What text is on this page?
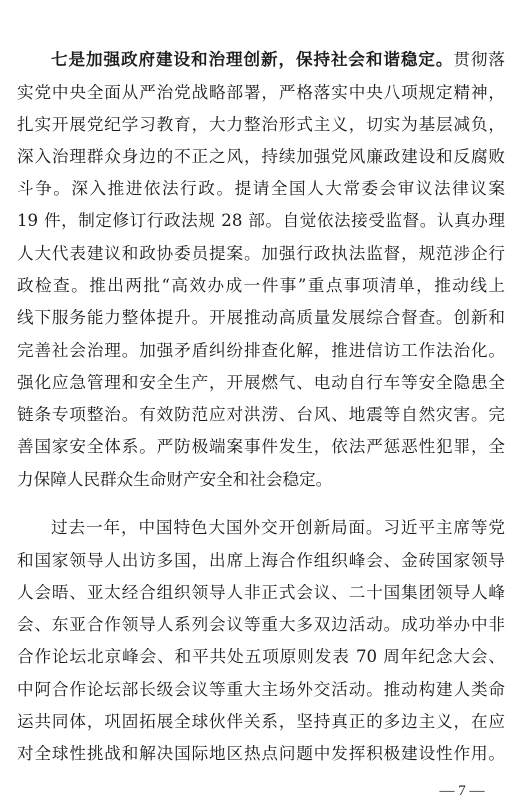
七是加强政府建设和治理创新，保持社会和谐稳定。贯彻落
实党中央全面从严治党战略部署，严格落实中央八项规定精神，
扎实开展党纪学习教育，大力整治形式主义，切实为基层减负，
深入治理群众身边的不正之风，持续加强党风廉政建设和反腐败
斗争。深入推进依法行政。提请全国人大常委会审议法律议案
19 件，制定修订行政法规 28 部。自觉依法接受监督。认真办理
人大代表建议和政协委员提案。加强行政执法监督，规范涉企行
政检查。推出两批“高效办成一件事”重点事项清单，推动线上
线下服务能力整体提升。开展推动高质量发展综合督查。创新和
完善社会治理。加强矛盾纠纷排查化解，推进信访工作法治化。
强化应急管理和安全生产，开展燃气、电动自行车等安全隐患全
链条专项整治。有效防范应对洪涝、台风、地震等自然灾害。完
善国家安全体系。严防极端案事件发生，依法严惩恶性犯罪，全
力保障人民群众生命财产安全和社会稳定。
过去一年，中国特色大国外交开创新局面。习近平主席等党
和国家领导人出访多国，出席上海合作组织峰会、金砖国家领导
人会晤、亚太经合组织领导人非正式会议、二十国集团领导人峰
会、东亚合作领导人系列会议等重大多双边活动。成功举办中非
合作论坛北京峰会、和平共处五项原则发表 70 周年纪念大会、
中阿合作论坛部长级会议等重大主场外交活动。推动构建人类命
运共同体，巩固拓展全球伙伴关系，坚持真正的多边主义，在应
对全球性挑战和解决国际地区热点问题中发挥积极建设性作用。
— 7 —
